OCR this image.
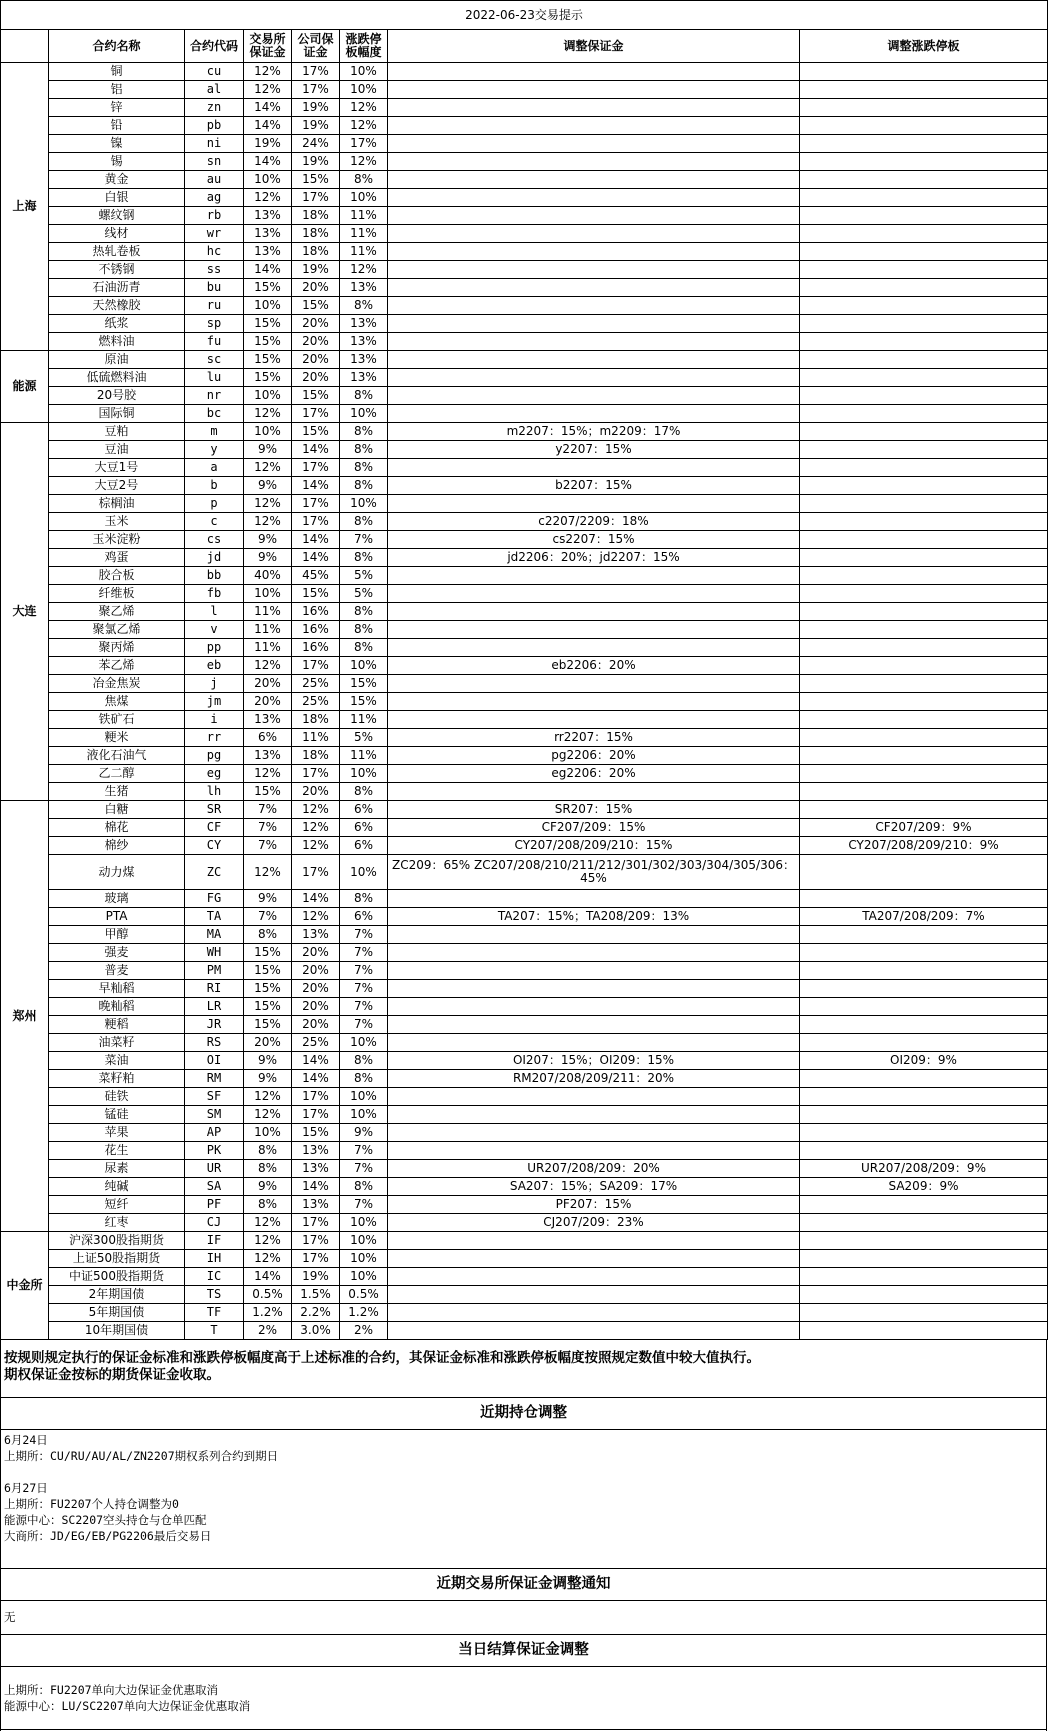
2022-06-23交易提示							
	合约名称	合约代码	交易所保证金	公司保证金	涨跌停板幅度	调整保证金	调整涨跌停板
上海	铜	cu	12%	17%	10%		
	铝	al	12%	17%	10%		
	锌	zn	14%	19%	12%		
	铅	pb	14%	19%	12%		
	镍	ni	19%	24%	17%		
	锡	sn	14%	19%	12%		
	黄金	au	10%	15%	8%		
	白银	ag	12%	17%	10%		
	螺纹钢	rb	13%	18%	11%		
	线材	wr	13%	18%	11%		
	热轧卷板	hc	13%	18%	11%		
	不锈钢	ss	14%	19%	12%		
	石油沥青	bu	15%	20%	13%		
	天然橡胶	ru	10%	15%	8%		
	纸浆	sp	15%	20%	13%		
	燃料油	fu	15%	20%	13%		
能源	原油	sc	15%	20%	13%		
	低硫燃料油	lu	15%	20%	13%		
	20号胶	nr	10%	15%	8%		
	国际铜	bc	12%	17%	10%		
大连	豆粕	m	10%	15%	8%	m2207：15%；m2209：17%	
	豆油	y	9%	14%	8%	y2207：15%	
	大豆1号	a	12%	17%	8%		
	大豆2号	b	9%	14%	8%	b2207：15%	
	棕榈油	p	12%	17%	10%		
	玉米	c	12%	17%	8%	c2207/2209：18%	
	玉米淀粉	cs	9%	14%	7%	cs2207：15%	
	鸡蛋	jd	9%	14%	8%	jd2206：20%；jd2207：15%	
	胶合板	bb	40%	45%	5%		
	纤维板	fb	10%	15%	5%		
	聚乙烯	l	11%	16%	8%		
	聚氯乙烯	v	11%	16%	8%		
	聚丙烯	pp	11%	16%	8%		
	苯乙烯	eb	12%	17%	10%	eb2206：20%	
	冶金焦炭	j	20%	25%	15%		
	焦煤	jm	20%	25%	15%		
	铁矿石	i	13%	18%	11%		
	粳米	rr	6%	11%	5%	rr2207：15%	
	液化石油气	pg	13%	18%	11%	pg2206：20%	
	乙二醇	eg	12%	17%	10%	eg2206：20%	
	生猪	lh	15%	20%	8%		
郑州	白糖	SR	7%	12%	6%	SR207：15%	
	棉花	CF	7%	12%	6%	CF207/209：15%	CF207/209：9%
	棉纱	CY	7%	12%	6%	CY207/208/209/210：15%	CY207/208/209/210：9%
	动力煤	ZC	12%	17%	10%	ZC209：65% ZC207/208/210/211/212/301/302/303/304/305/306：45%	
	玻璃	FG	9%	14%	8%		
	PTA	TA	7%	12%	6%	TA207：15%；TA208/209：13%	TA207/208/209：7%
	甲醇	MA	8%	13%	7%		
	强麦	WH	15%	20%	7%		
	普麦	PM	15%	20%	7%		
	早籼稻	RI	15%	20%	7%		
	晚籼稻	LR	15%	20%	7%		
	粳稻	JR	15%	20%	7%		
	油菜籽	RS	20%	25%	10%		
	菜油	OI	9%	14%	8%	OI207：15%；OI209：15%	OI209：9%
	菜籽粕	RM	9%	14%	8%	RM207/208/209/211：20%	
	硅铁	SF	12%	17%	10%		
	锰硅	SM	12%	17%	10%		
	苹果	AP	10%	15%	9%		
	花生	PK	8%	13%	7%		
	尿素	UR	8%	13%	7%	UR207/208/209：20%	UR207/208/209：9%
	纯碱	SA	9%	14%	8%	SA207：15%；SA209：17%	SA209：9%
	短纤	PF	8%	13%	7%	PF207：15%	
	红枣	CJ	12%	17%	10%	CJ207/209：23%	
中金所	沪深300股指期货	IF	12%	17%	10%		
	上证50股指期货	IH	12%	17%	10%		
	中证500股指期货	IC	14%	19%	10%		
	2年期国债	TS	0.5%	1.5%	0.5%		
	5年期国债	TF	1.2%	2.2%	1.2%		
	10年期国债	T	2%	3.0%	2%		
按规则规定执行的保证金标准和涨跌停板幅度高于上述标准的合约，其保证金标准和涨跌停板幅度按照规定数值中较大值执行。
期权保证金按标的期货保证金收取。
近期持仓调整
6月24日
上期所：CU/RU/AU/AL/ZN2207期权系列合约到期日

6月27日
上期所：FU2207个人持仓调整为0
能源中心：SC2207空头持仓与仓单匹配
大商所：JD/EG/EB/PG2206最后交易日
近期交易所保证金调整通知
无
当日结算保证金调整
上期所：FU2207单向大边保证金优惠取消
能源中心：LU/SC2207单向大边保证金优惠取消
